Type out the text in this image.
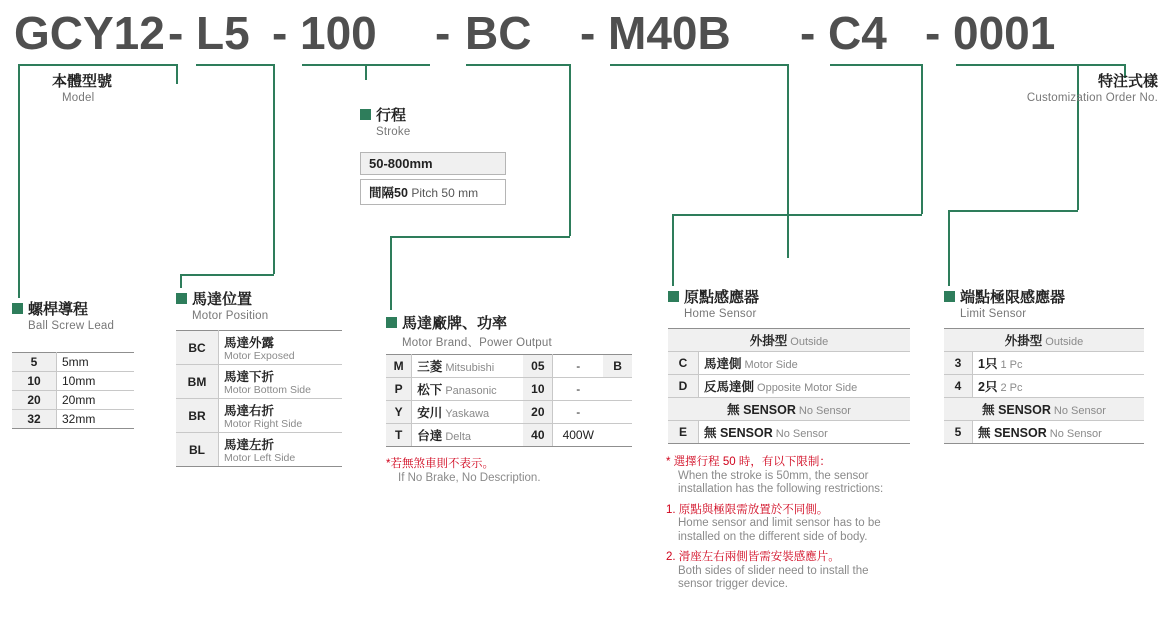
GCY12 - L5 - 100 - BC - M40B - C4 - 0001
本體型號
Model
特注式樣
Customization Order No.
行程
Stroke
50-800mm
間隔50 Pitch 50 mm
螺桿導程
Ball Screw Lead
5	5mm
10	10mm
20	20mm
32	32mm
馬達位置
Motor Position
BC	馬達外露
Motor Exposed

BM	馬達下折
Motor Bottom Side

BR	馬達右折
Motor Right Side

BL	馬達左折
Motor Left Side
馬達廠牌、功率
Motor Brand、Power Output
M	三菱 Mitsubishi	05	-	B
P	松下 Panasonic	10	-	
Y	安川 Yaskawa	20	-	
T	台達 Delta	40	400W	
*若無煞車則不表示。
If No Brake, No Description.
原點感應器
Home Sensor
外掛型 Outside	
C	馬達側 Motor Side
D	反馬達側 Opposite Motor Side
無 SENSOR No Sensor	
E	無 SENSOR No Sensor
端點極限感應器
Limit Sensor
外掛型 Outside	
3	1只 1 Pc
4	2只 2 Pc
無 SENSOR No Sensor	
5	無 SENSOR No Sensor
* 選擇行程 50 時，有以下限制：
When the stroke is 50mm, the sensor
installation has the following restrictions:
1. 原點與極限需放置於不同側。
Home sensor and limit sensor has to be
installed on the different side of body.
2. 滑座左右兩側皆需安裝感應片。
Both sides of slider need to install the
sensor trigger device.
